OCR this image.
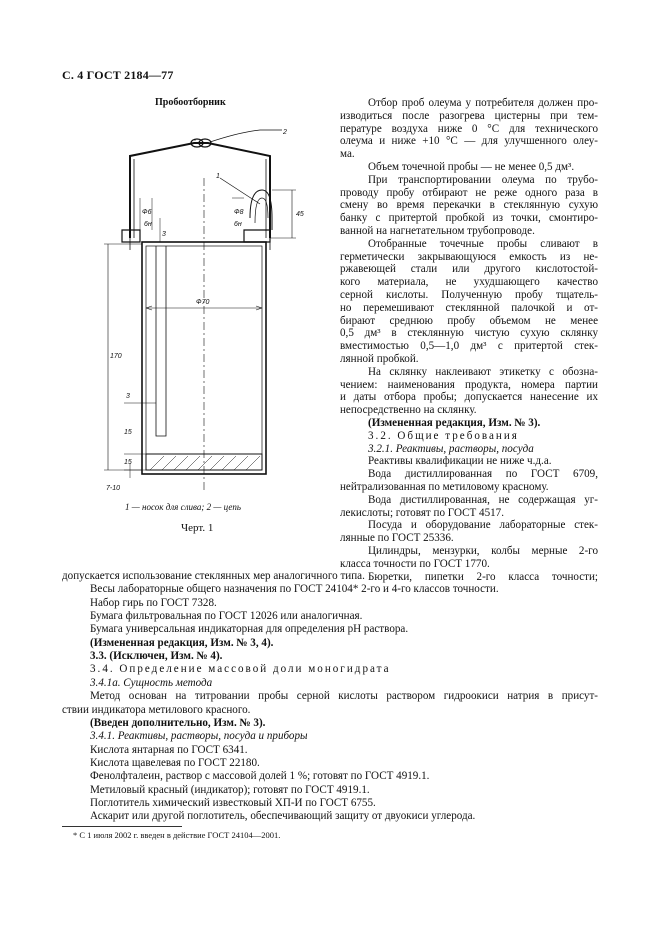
С. 4 ГОСТ 2184—77
Пробоотборник
2
1
Ф6
6н
Ф8
6н
45
3
Ф70
170
3
15
15
7-10
1 — носок для слива; 2 — цепь
Черт. 1
Отбор проб олеума у потребителя должен про-
изводиться после разогрева цистерны при тем-
пературе воздуха ниже 0 °С для технического
олеума и ниже +10 °С — для улучшенного олеу-
ма.
Объем точечной пробы — не менее 0,5 дм³.
При транспортировании олеума по трубо-
проводу пробу отбирают не реже одного раза в
смену во время перекачки в стеклянную сухую
банку с притертой пробкой из точки, смонтиро-
ванной на нагнетательном трубопроводе.
Отобранные точечные пробы сливают в
герметически закрывающуюся емкость из не-
ржавеющей стали или другого кислотостой-
кого материала, не ухудшающего качество
серной кислоты. Полученную пробу тщатель-
но перемешивают стеклянной палочкой и от-
бирают среднюю пробу объемом не менее
0,5 дм³ в стеклянную чистую сухую склянку
вместимостью 0,5—1,0 дм³ с притертой стек-
лянной пробкой.
На склянку наклеивают этикетку с обозна-
чением: наименования продукта, номера партии
и даты отбора пробы; допускается нанесение их
непосредственно на склянку.
(Измененная редакция, Изм. № 3).
3.2. Общие требования
3.2.1. Реактивы, растворы, посуда
Реактивы квалификации не ниже ч.д.а.
Вода дистиллированная по ГОСТ 6709,
нейтрализованная по метиловому красному.
Вода дистиллированная, не содержащая уг-
лекислоты; готовят по ГОСТ 4517.
Посуда и оборудование лабораторные стек-
лянные по ГОСТ 25336.
Цилиндры, мензурки, колбы мерные 2-го
класса точности по ГОСТ 1770.
Бюретки, пипетки 2-го класса точности;
допускается использование стеклянных мер аналогичного типа.
Весы лабораторные общего назначения по ГОСТ 24104* 2-го и 4-го классов точности.
Набор гирь по ГОСТ 7328.
Бумага фильтровальная по ГОСТ 12026 или аналогичная.
Бумага универсальная индикаторная для определения рН раствора.
(Измененная редакция, Изм. № 3, 4).
3.3. (Исключен, Изм. № 4).
3.4. Определение массовой доли моногидрата
3.4.1а. Сущность метода
Метод основан на титровании пробы серной кислоты раствором гидроокиси натрия в присут-
ствии индикатора метилового красного.
(Введен дополнительно, Изм. № 3).
3.4.1. Реактивы, растворы, посуда и приборы
Кислота янтарная по ГОСТ 6341.
Кислота щавелевая по ГОСТ 22180.
Фенолфталеин, раствор с массовой долей 1 %; готовят по ГОСТ 4919.1.
Метиловый красный (индикатор); готовят по ГОСТ 4919.1.
Поглотитель химический известковый ХП-И по ГОСТ 6755.
Аскарит или другой поглотитель, обеспечивающий защиту от двуокиси углерода.
* С 1 июля 2002 г. введен в действие ГОСТ 24104—2001.
